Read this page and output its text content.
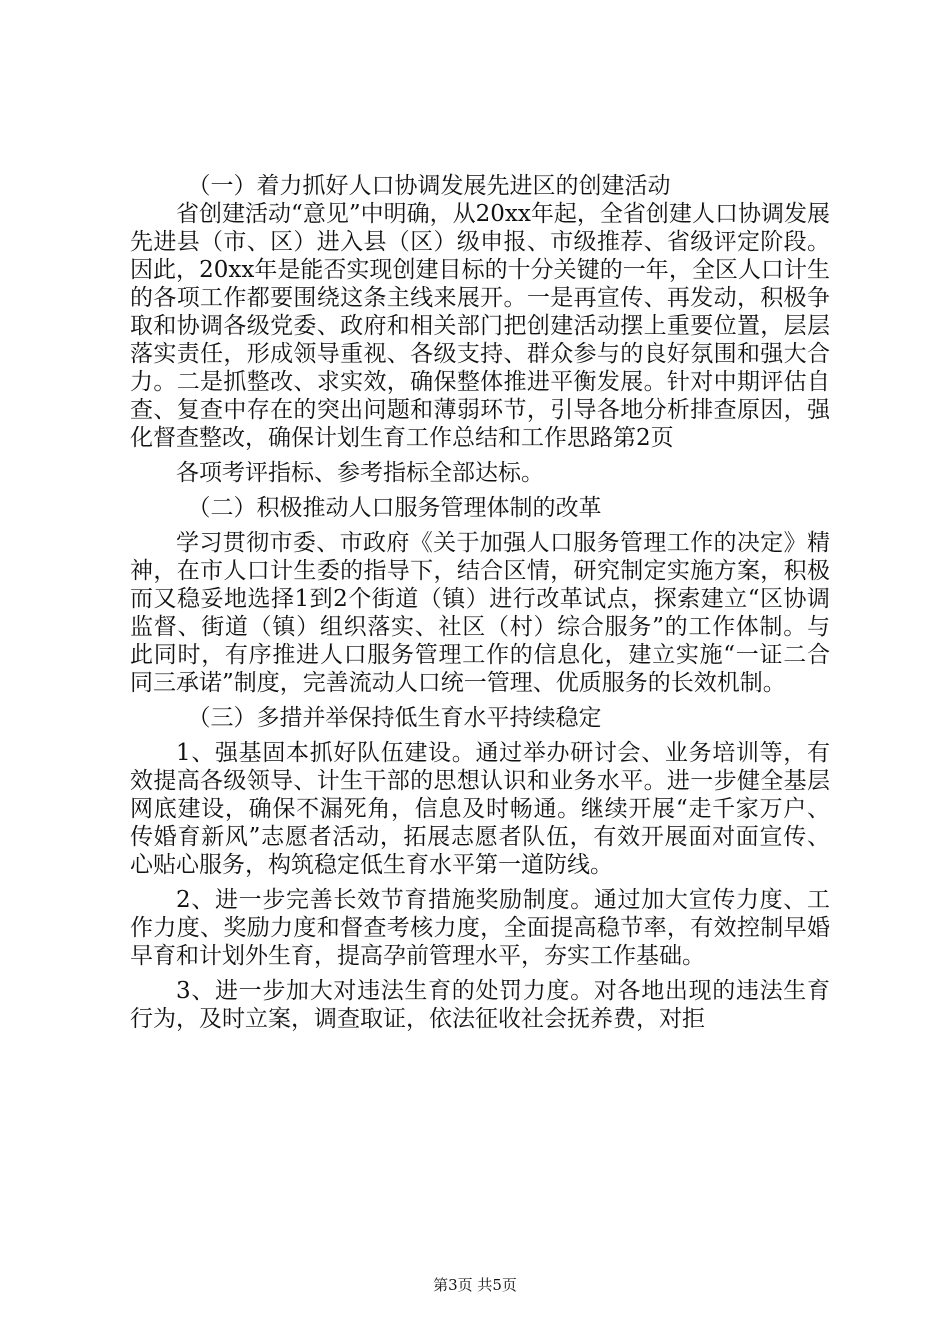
（一）着力抓好人口协调发展先进区的创建活动

省创建活动“意见”中明确，从20xx年起，全省创建人口协调发展先进县（市、区）进入县（区）级申报、市级推荐、省级评定阶段。因此，20xx年是能否实现创建目标的十分关键的一年，全区人口计生的各项工作都要围绕这条主线来展开。一是再宣传、再发动，积极争取和协调各级党委、政府和相关部门把创建活动摆上重要位置，层层落实责任，形成领导重视、各级支持、群众参与的良好氛围和强大合力。二是抓整改、求实效，确保整体推进平衡发展。针对中期评估自查、复查中存在的突出问题和薄弱环节，引导各地分析排查原因，强化督查整改，确保计划生育工作总结和工作思路第2页

各项考评指标、参考指标全部达标。

（二）积极推动人口服务管理体制的改革

学习贯彻市委、市政府《关于加强人口服务管理工作的决定》精神，在市人口计生委的指导下，结合区情，研究制定实施方案，积极而又稳妥地选择1到2个街道（镇）进行改革试点，探索建立“区协调监督、街道（镇）组织落实、社区（村）综合服务”的工作体制。与此同时，有序推进人口服务管理工作的信息化，建立实施“一证二合同三承诺”制度，完善流动人口统一管理、优质服务的长效机制。

（三）多措并举保持低生育水平持续稳定

1、强基固本抓好队伍建设。通过举办研讨会、业务培训等，有效提高各级领导、计生干部的思想认识和业务水平。进一步健全基层网底建设，确保不漏死角，信息及时畅通。继续开展“走千家万户、传婚育新风”志愿者活动，拓展志愿者队伍，有效开展面对面宣传、心贴心服务，构筑稳定低生育水平第一道防线。

2、进一步完善长效节育措施奖励制度。通过加大宣传力度、工作力度、奖励力度和督查考核力度，全面提高稳节率，有效控制早婚早育和计划外生育，提高孕前管理水平，夯实工作基础。

3、进一步加大对违法生育的处罚力度。对各地出现的违法生育行为，及时立案，调查取证，依法征收社会抚养费，对拒

第3页 共5页
